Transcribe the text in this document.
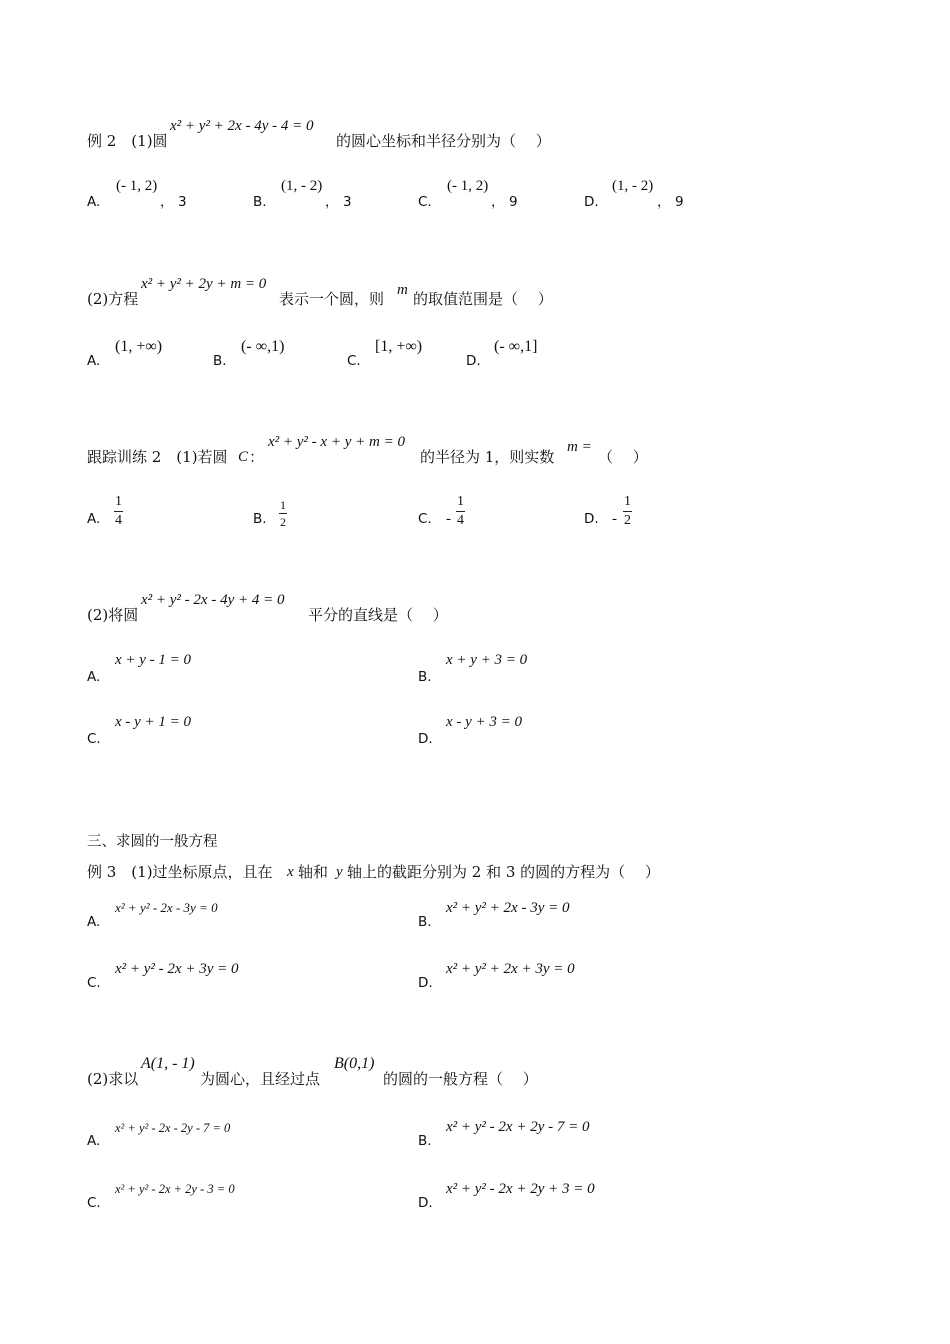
例 2　(1)圆
x² + y² + 2x - 4y - 4 = 0
的圆心坐标和半径分别为（　 ）
A.
(- 1, 2)
， 3	B.
(1, - 2)
， 3	C.
(- 1, 2)
， 9	D.
(1, - 2)
， 9
(2)方程
x² + y² + 2y + m = 0
表示一个圆，则 m 的取值范围是（　 ）
A.
(1, +∞)
B.
(- ∞,1)
C.
[1, +∞)
D.
(- ∞,1]
跟踪训练 2　(1)若圆 C ：
x² + y² - x + y + m = 0
的半径为 1，则实数
m =
（　 ）
A.
1
4	B.
1
2	C. -
1
4	D. -
1
2
(2)将圆
x² + y² - 2x - 4y + 4 = 0
平分的直线是（　 ）
A.
x + y - 1 = 0
B.
x + y + 3 = 0
C.
x - y + 1 = 0
D.
x - y + 3 = 0
三、求圆的一般方程
例 3　(1)过坐标原点，且在 x 轴和 y 轴上的截距分别为 2 和 3 的圆的方程为（　 ）
A.
x² + y² - 2x - 3y = 0
B.
x² + y² + 2x - 3y = 0
C.
x² + y² - 2x + 3y = 0
D.
x² + y² + 2x + 3y = 0
(2)求以
A(1, - 1)
为圆心，且经过点
B(0,1)
的圆的一般方程（　 ）
A.
x² + y² - 2x - 2y - 7 = 0
B.
x² + y² - 2x + 2y - 7 = 0
C.
x² + y² - 2x + 2y - 3 = 0
D.
x² + y² - 2x + 2y + 3 = 0
